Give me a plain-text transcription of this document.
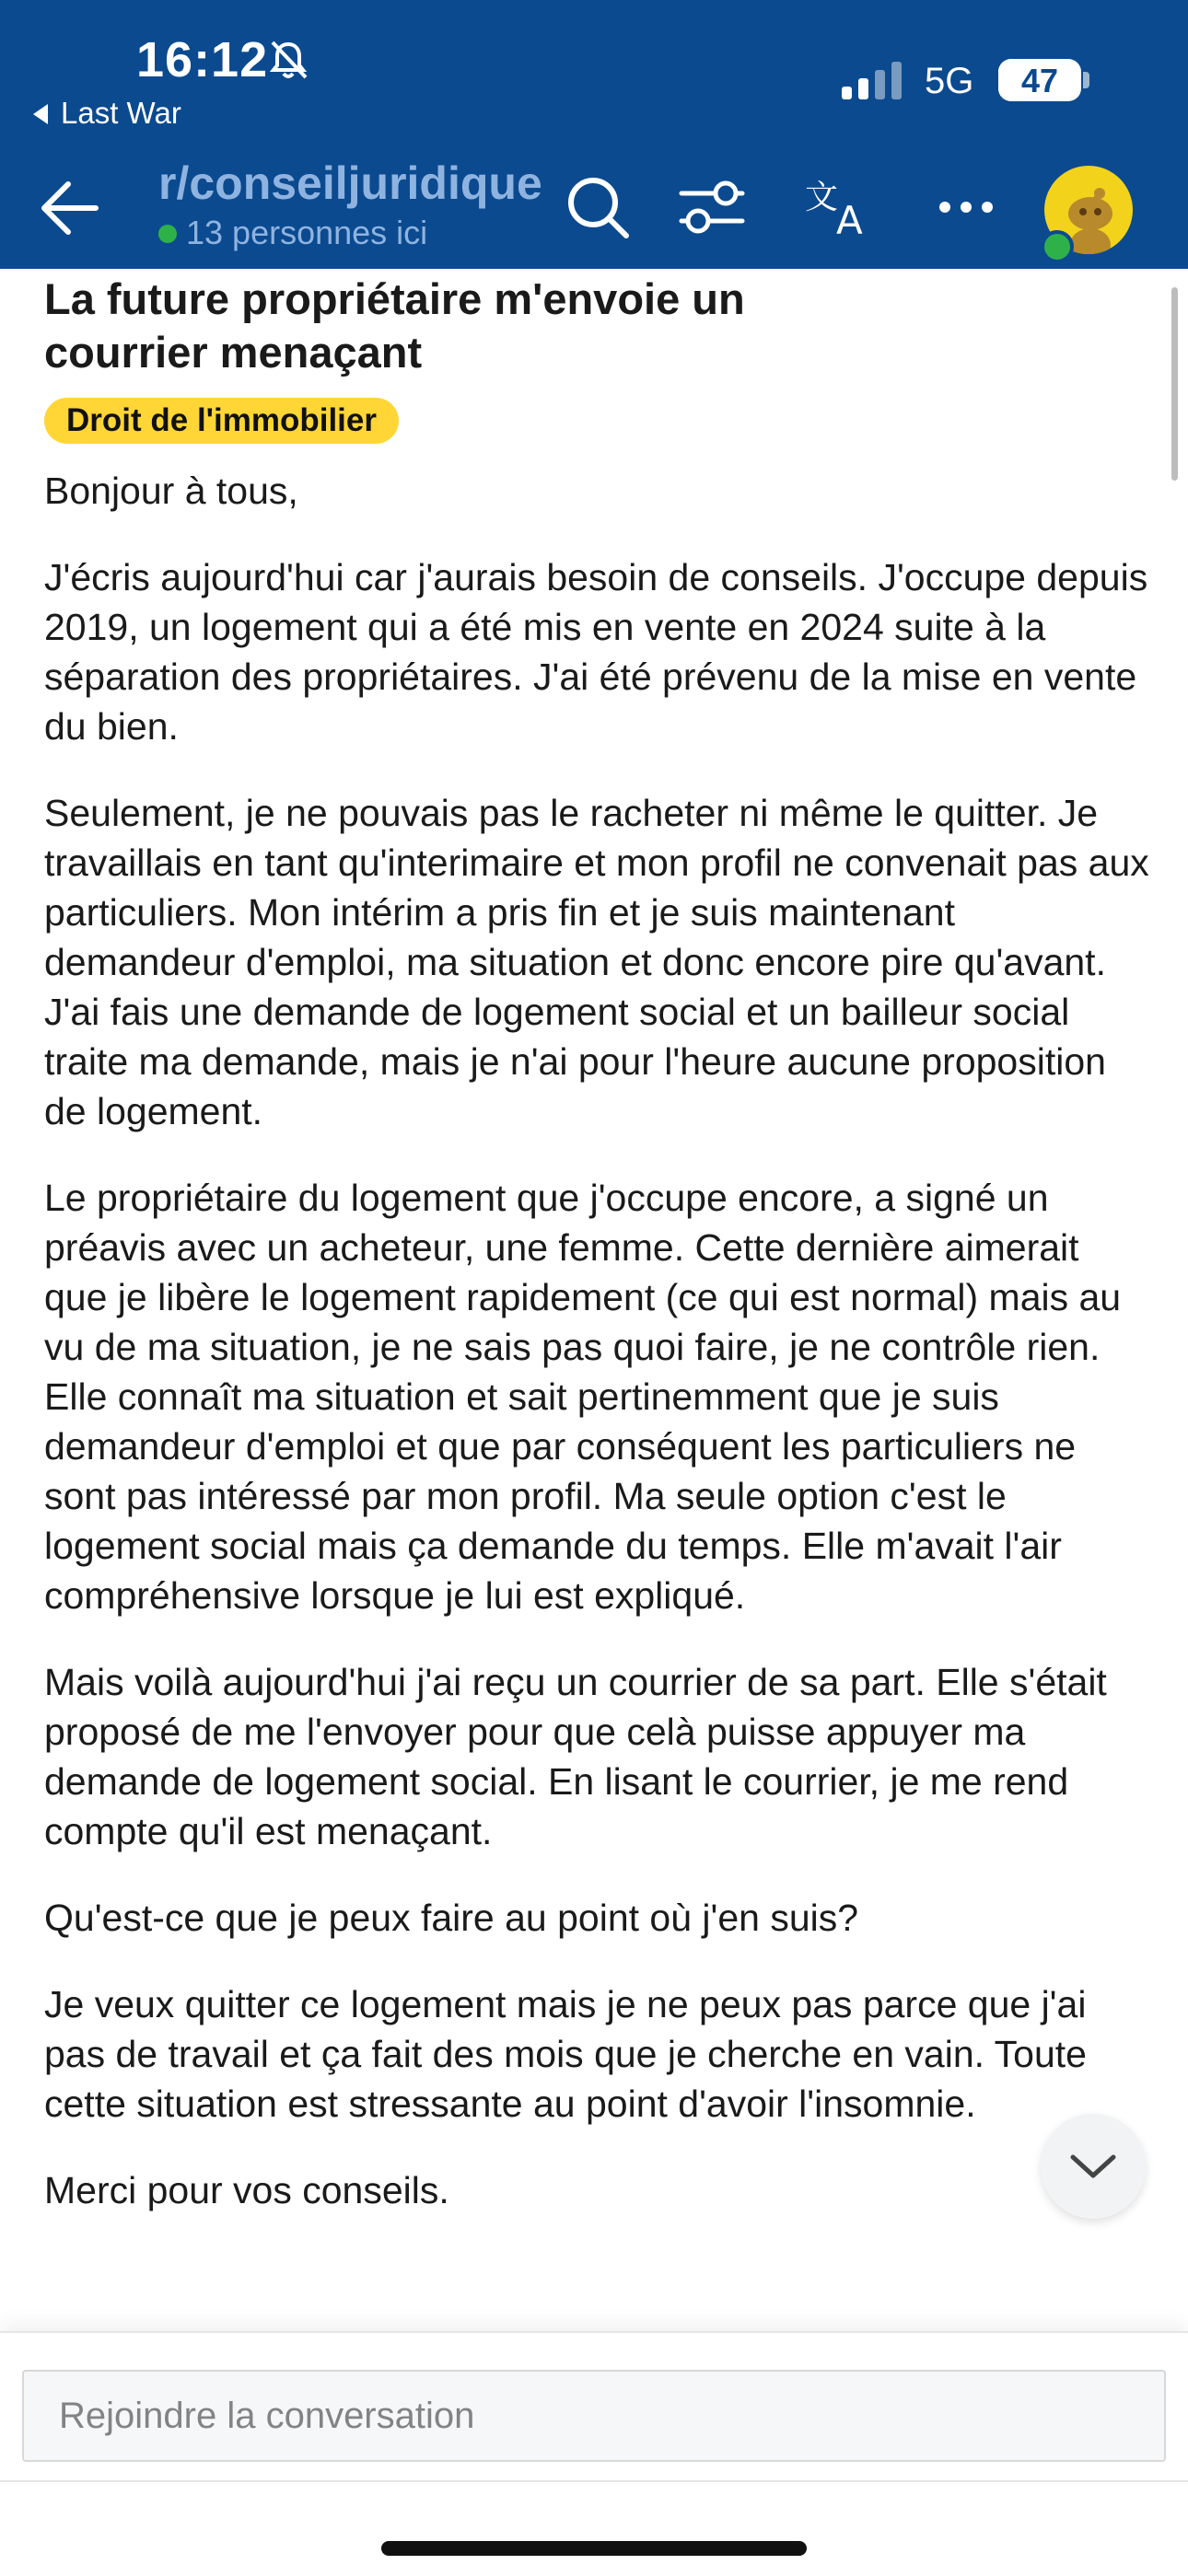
16:12
Last War
5G	47
r/conseiljuridique
13 personnes ici
文
A
La future propriétaire m'envoie un
courrier menaçant
Droit de l'immobilier

Bonjour à tous,

J'écris aujourd'hui car j'aurais besoin de conseils. J'occupe depuis 2019, un logement qui a été mis en vente en 2024 suite à la séparation des propriétaires. J'ai été prévenu de la mise en vente du bien.

Seulement, je ne pouvais pas le racheter ni même le quitter. Je travaillais en tant qu'interimaire et mon profil ne convenait pas aux particuliers. Mon intérim a pris fin et je suis maintenant demandeur d'emploi, ma situation et donc encore pire qu'avant. J'ai fais une demande de logement social et un bailleur social traite ma demande, mais je n'ai pour l'heure aucune proposition de logement.

Le propriétaire du logement que j'occupe encore, a signé un préavis avec un acheteur, une femme. Cette dernière aimerait que je libère le logement rapidement (ce qui est normal) mais au vu de ma situation, je ne sais pas quoi faire, je ne contrôle rien. Elle connaît ma situation et sait pertinemment que je suis demandeur d'emploi et que par conséquent les particuliers ne sont pas intéressé par mon profil. Ma seule option c'est le logement social mais ça demande du temps. Elle m'avait l'air compréhensive lorsque je lui est expliqué.

Mais voilà aujourd'hui j'ai reçu un courrier de sa part. Elle s'était proposé de me l'envoyer pour que celà puisse appuyer ma demande de logement social. En lisant le courrier, je me rend compte qu'il est menaçant.

Qu'est-ce que je peux faire au point où j'en suis?

Je veux quitter ce logement mais je ne peux pas parce que j'ai pas de travail et ça fait des mois que je cherche en vain. Toute cette situation est stressante au point d'avoir l'insomnie.

Merci pour vos conseils.

Rejoindre la conversation
